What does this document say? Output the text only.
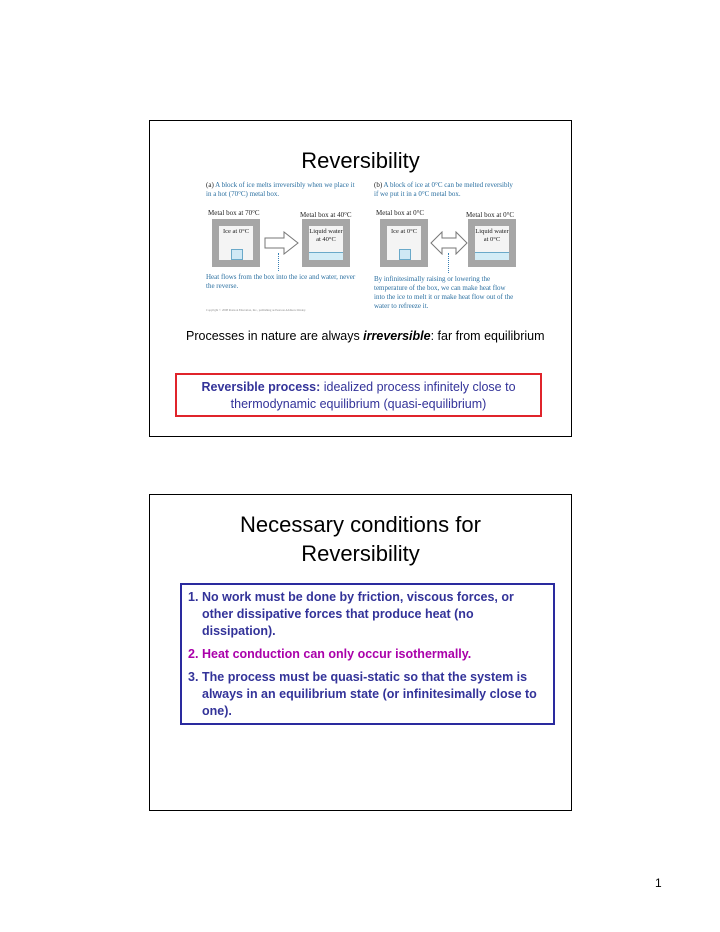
Reversibility
(a) A block of ice melts irreversibly when we place it in a hot (70°C) metal box.
(b) A block of ice at 0°C can be melted reversibly if we put it in a 0°C metal box.
Metal box at 70°C	Metal box at 40°C	Metal box at 0°C	Metal box at 0°C
Ice at 0°C	Liquid water at 40°C
Ice at 0°C	Liquid water at 0°C
Heat flows from the box into the ice and water, never the reverse.
By infinitesimally raising or lowering the temperature of the box, we can make heat flow into the ice to melt it or make heat flow out of the water to refreeze it.
Copyright © 2008 Pearson Education, Inc., publishing as Pearson Addison-Wesley.
Processes in nature are always irreversible: far from equilibrium
Reversible process: idealized process infinitely close to thermodynamic equilibrium (quasi-equilibrium)
Necessary conditions for
Reversibility
1. No work must be done by friction, viscous forces, or other dissipative forces that produce heat (no dissipation).
2. Heat conduction can only occur isothermally.
3. The process must be quasi-static so that the system is always in an equilibrium state (or infinitesimally close to one).
1
